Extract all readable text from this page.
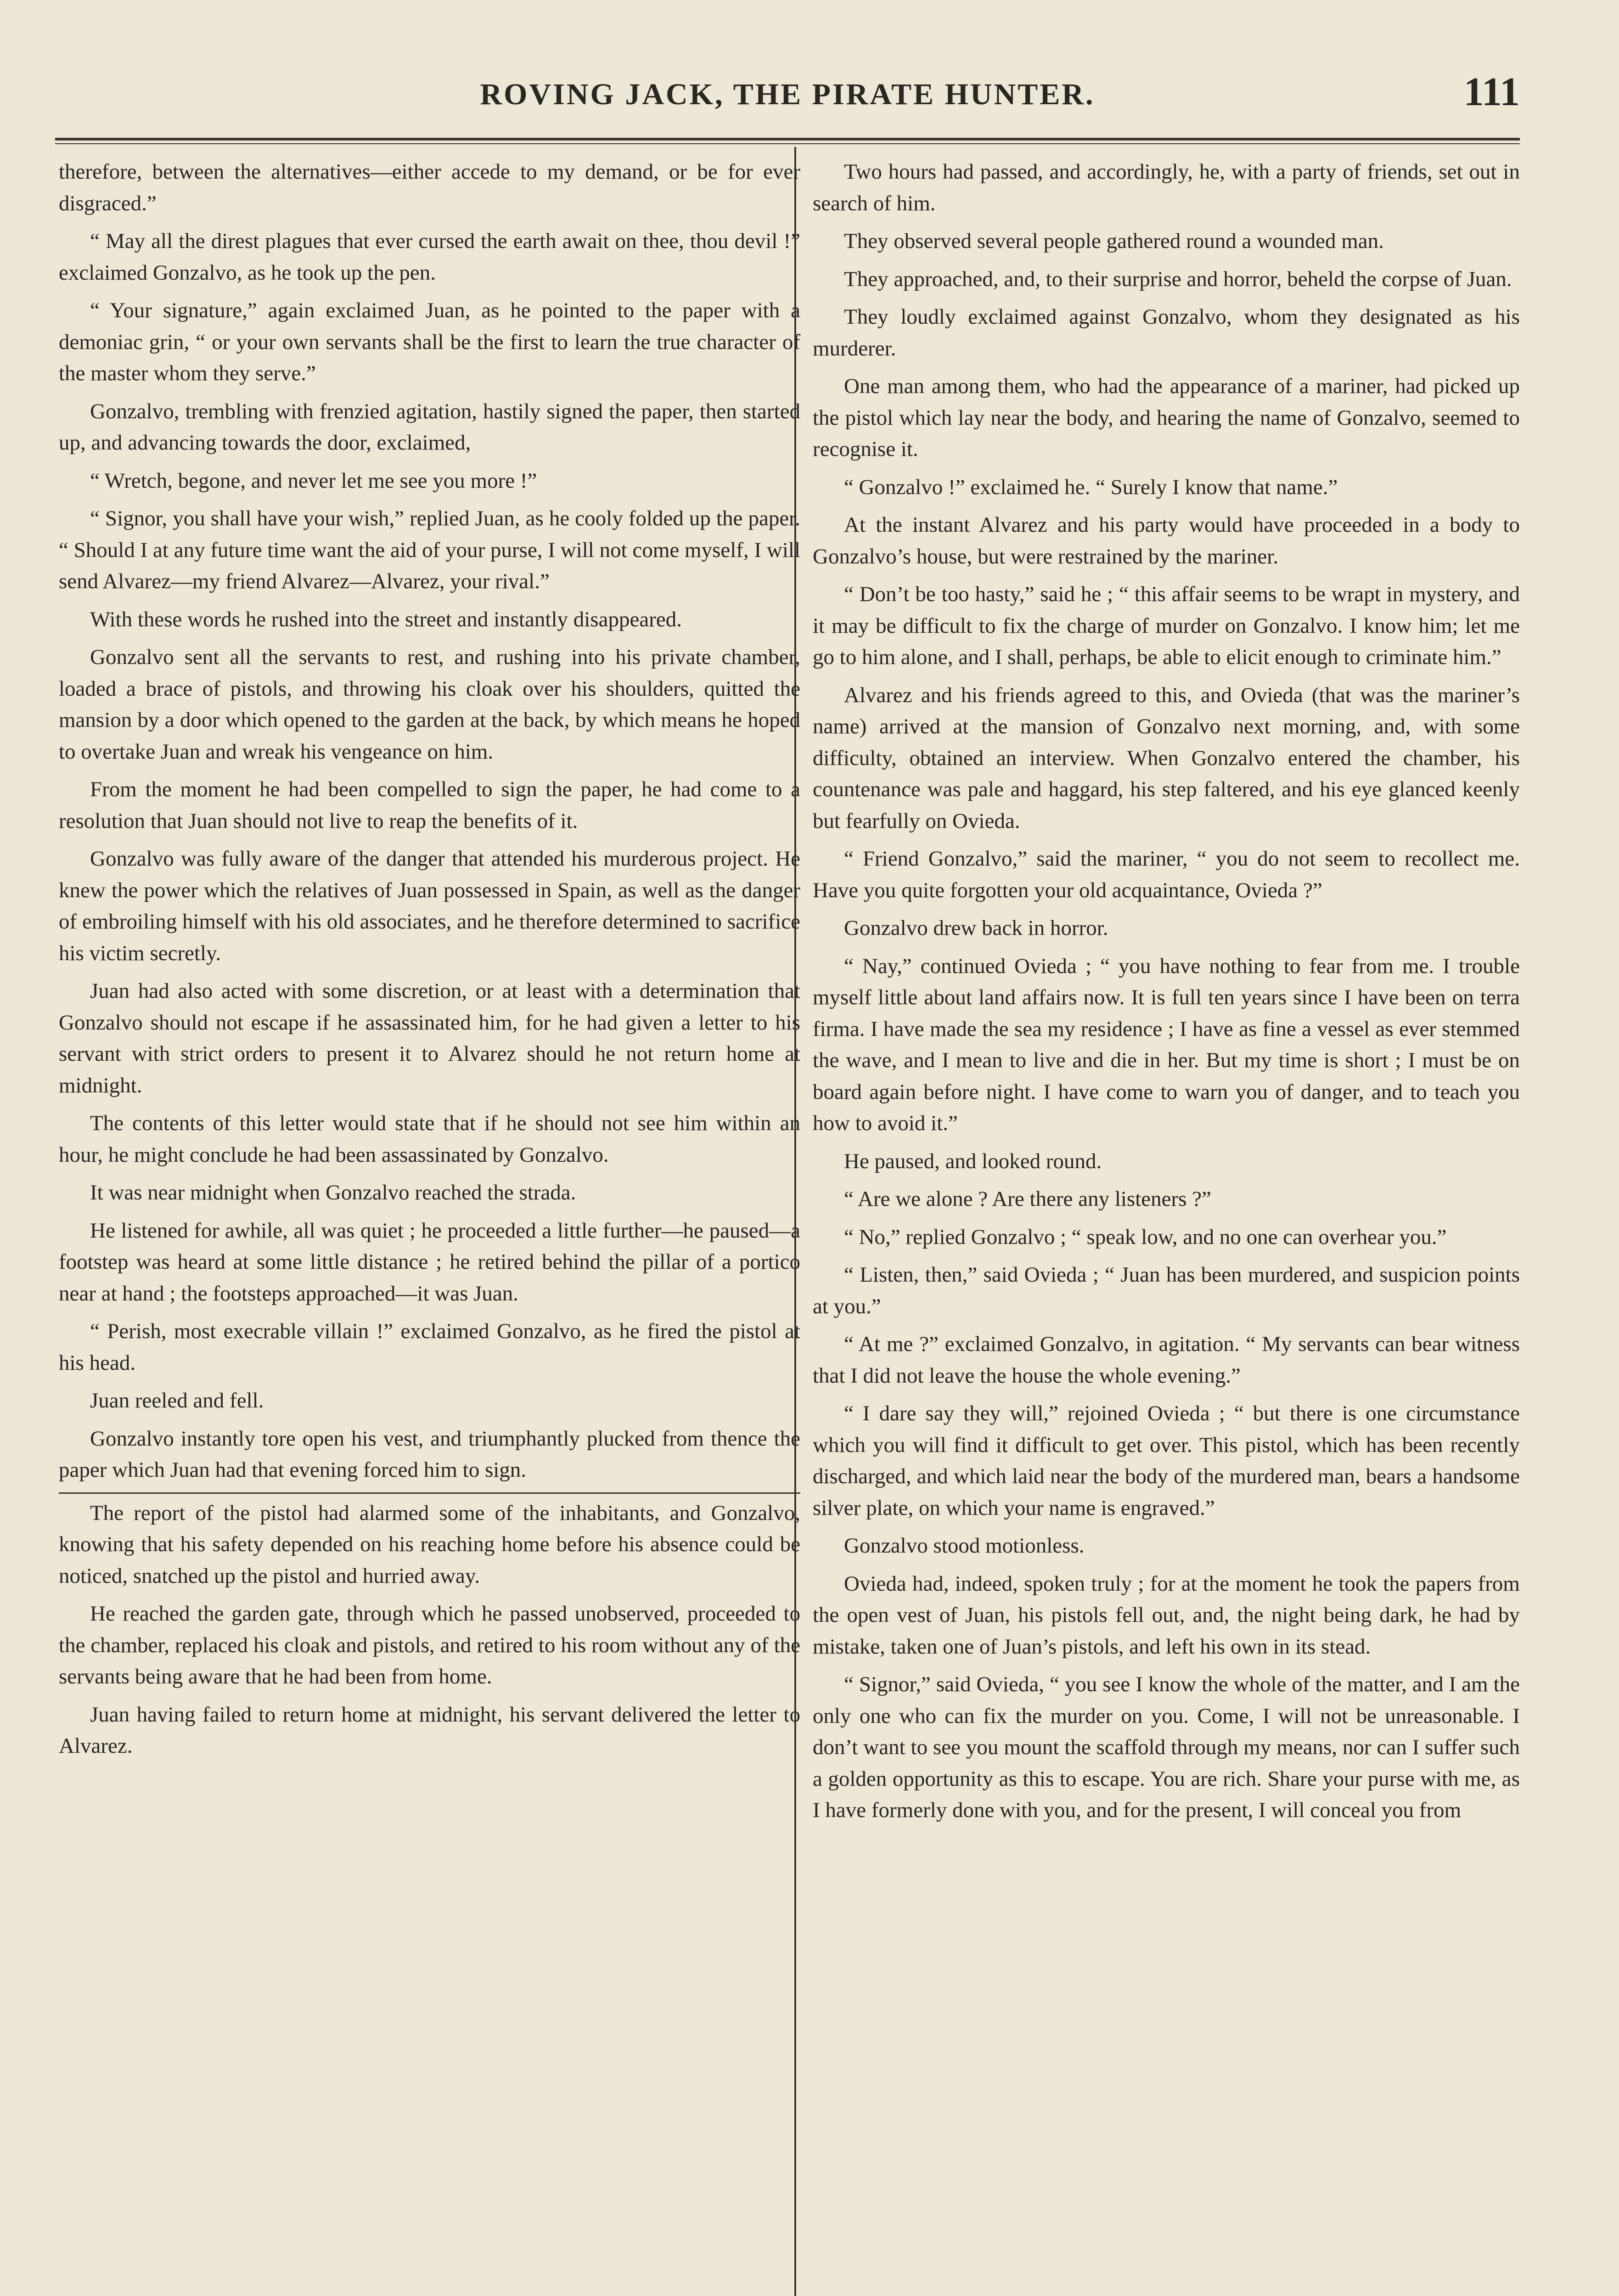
ROVING JACK, THE PIRATE HUNTER.	111

therefore, between the alternatives—either accede to my demand, or be for ever disgraced.”

“ May all the direst plagues that ever cursed the earth await on thee, thou devil !” exclaimed Gonzalvo, as he took up the pen.

“ Your signature,” again exclaimed Juan, as he pointed to the paper with a demoniac grin, “ or your own servants shall be the first to learn the true character of the master whom they serve.”

Gonzalvo, trembling with frenzied agitation, hastily signed the paper, then started up, and advancing towards the door, exclaimed,

“ Wretch, begone, and never let me see you more !”

“ Signor, you shall have your wish,” replied Juan, as he cooly folded up the paper. “ Should I at any future time want the aid of your purse, I will not come myself, I will send Alvarez—my friend Alvarez—Alvarez, your rival.”

With these words he rushed into the street and instantly disappeared.

Gonzalvo sent all the servants to rest, and rushing into his private chamber, loaded a brace of pistols, and throwing his cloak over his shoulders, quitted the mansion by a door which opened to the garden at the back, by which means he hoped to overtake Juan and wreak his vengeance on him.

From the moment he had been compelled to sign the paper, he had come to a resolution that Juan should not live to reap the benefits of it.

Gonzalvo was fully aware of the danger that attended his murderous project. He knew the power which the relatives of Juan possessed in Spain, as well as the danger of embroiling himself with his old associates, and he therefore determined to sacrifice his victim secretly.

Juan had also acted with some discretion, or at least with a determination that Gonzalvo should not escape if he assassinated him, for he had given a letter to his servant with strict orders to present it to Alvarez should he not return home at midnight.

The contents of this letter would state that if he should not see him within an hour, he might conclude he had been assassinated by Gonzalvo.

It was near midnight when Gonzalvo reached the strada.

He listened for awhile, all was quiet ; he proceeded a little further—he paused—a footstep was heard at some little distance ; he retired behind the pillar of a portico near at hand ; the footsteps approached—it was Juan.

“ Perish, most execrable villain !” exclaimed Gonzalvo, as he fired the pistol at his head.

Juan reeled and fell.

Gonzalvo instantly tore open his vest, and triumphantly plucked from thence the paper which Juan had that evening forced him to sign.

The report of the pistol had alarmed some of the inhabitants, and Gonzalvo, knowing that his safety depended on his reaching home before his absence could be noticed, snatched up the pistol and hurried away.

He reached the garden gate, through which he passed unobserved, proceeded to the chamber, replaced his cloak and pistols, and retired to his room without any of the servants being aware that he had been from home.

Juan having failed to return home at midnight, his servant delivered the letter to Alvarez.

Two hours had passed, and accordingly, he, with a party of friends, set out in search of him.

They observed several people gathered round a wounded man.

They approached, and, to their surprise and horror, beheld the corpse of Juan.

They loudly exclaimed against Gonzalvo, whom they designated as his murderer.

One man among them, who had the appearance of a mariner, had picked up the pistol which lay near the body, and hearing the name of Gonzalvo, seemed to recognise it.

“ Gonzalvo !” exclaimed he. “ Surely I know that name.”

At the instant Alvarez and his party would have proceeded in a body to Gonzalvo’s house, but were restrained by the mariner.

“ Don’t be too hasty,” said he ; “ this affair seems to be wrapt in mystery, and it may be difficult to fix the charge of murder on Gonzalvo. I know him; let me go to him alone, and I shall, perhaps, be able to elicit enough to criminate him.”

Alvarez and his friends agreed to this, and Ovieda (that was the mariner’s name) arrived at the mansion of Gonzalvo next morning, and, with some difficulty, obtained an interview. When Gonzalvo entered the chamber, his countenance was pale and haggard, his step faltered, and his eye glanced keenly but fearfully on Ovieda.

“ Friend Gonzalvo,” said the mariner, “ you do not seem to recollect me. Have you quite forgotten your old acquaintance, Ovieda ?”

Gonzalvo drew back in horror.

“ Nay,” continued Ovieda ; “ you have nothing to fear from me. I trouble myself little about land affairs now. It is full ten years since I have been on terra firma. I have made the sea my residence ; I have as fine a vessel as ever stemmed the wave, and I mean to live and die in her. But my time is short ; I must be on board again before night. I have come to warn you of danger, and to teach you how to avoid it.”

He paused, and looked round.

“ Are we alone ? Are there any listeners ?”

“ No,” replied Gonzalvo ; “ speak low, and no one can overhear you.”

“ Listen, then,” said Ovieda ; “ Juan has been murdered, and suspicion points at you.”

“ At me ?” exclaimed Gonzalvo, in agitation. “ My servants can bear witness that I did not leave the house the whole evening.”

“ I dare say they will,” rejoined Ovieda ; “ but there is one circumstance which you will find it difficult to get over. This pistol, which has been recently discharged, and which laid near the body of the murdered man, bears a handsome silver plate, on which your name is engraved.”

Gonzalvo stood motionless.

Ovieda had, indeed, spoken truly ; for at the moment he took the papers from the open vest of Juan, his pistols fell out, and, the night being dark, he had by mistake, taken one of Juan’s pistols, and left his own in its stead.

“ Signor,” said Ovieda, “ you see I know the whole of the matter, and I am the only one who can fix the murder on you. Come, I will not be unreasonable. I don’t want to see you mount the scaffold through my means, nor can I suffer such a golden opportunity as this to escape. You are rich. Share your purse with me, as I have formerly done with you, and for the present, I will conceal you from
